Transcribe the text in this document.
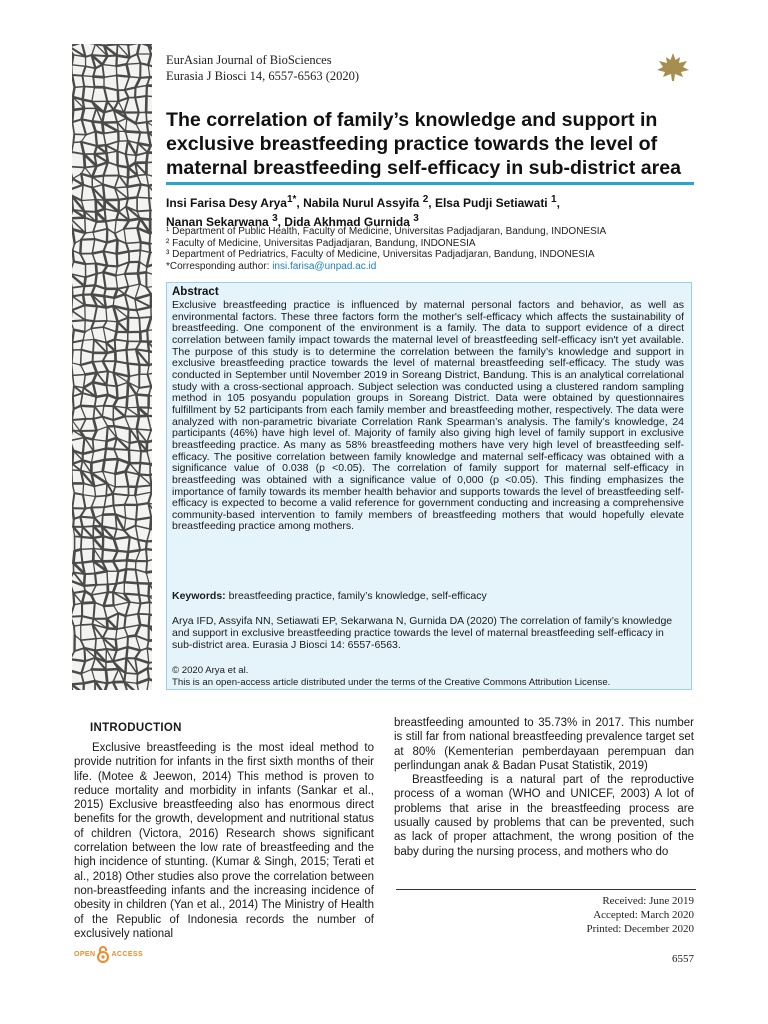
EurAsian Journal of BioSciences
Eurasia J Biosci 14, 6557-6563 (2020)
The correlation of family’s knowledge and support in exclusive breastfeeding practice towards the level of maternal breastfeeding self-efficacy in sub-district area
Insi Farisa Desy Arya$^{1*}$, Nabila Nurul Assyifa $^2$, Elsa Pudji Setiawati $^1$,
Nanan Sekarwana $^3$, Dida Akhmad Gurnida $^3$
¹ Department of Public Health, Faculty of Medicine, Universitas Padjadjaran, Bandung, INDONESIA
² Faculty of Medicine, Universitas Padjadjaran, Bandung, INDONESIA
³ Department of Pedriatrics, Faculty of Medicine, Universitas Padjadjaran, Bandung, INDONESIA
*Corresponding author: insi.farisa@unpad.ac.id
Abstract

Exclusive breastfeeding practice is influenced by maternal personal factors and behavior, as well as environmental factors. These three factors form the mother's self-efficacy which affects the sustainability of breastfeeding. One component of the environment is a family. The data to support evidence of a direct correlation between family impact towards the maternal level of breastfeeding self-efficacy isn't yet available. The purpose of this study is to determine the correlation between the family’s knowledge and support in exclusive breastfeeding practice towards the level of maternal breastfeeding self-efficacy. The study was conducted in September until November 2019 in Soreang District, Bandung. This is an analytical correlational study with a cross-sectional approach. Subject selection was conducted using a clustered random sampling method in 105 posyandu population groups in Soreang District. Data were obtained by questionnaires fulfillment by 52 participants from each family member and breastfeeding mother, respectively. The data were analyzed with non-parametric bivariate Correlation Rank Spearman’s analysis. The family’s knowledge, 24 participants (46%) have high level of. Majority of family also giving high level of family support in exclusive breastfeeding practice. As many as 58% breastfeeding mothers have very high level of breastfeeding self-efficacy. The positive correlation between family knowledge and maternal self-efficacy was obtained with a significance value of 0.038 (p <0.05). The correlation of family support for maternal self-efficacy in breastfeeding was obtained with a significance value of 0,000 (p <0.05). This finding emphasizes the importance of family towards its member health behavior and supports towards the level of breastfeeding self-efficacy is expected to become a valid reference for government conducting and increasing a comprehensive community-based intervention to family members of breastfeeding mothers that would hopefully elevate breastfeeding practice among mothers.

Keywords: breastfeeding practice, family’s knowledge, self-efficacy

Arya IFD, Assyifa NN, Setiawati EP, Sekarwana N, Gurnida DA (2020) The correlation of family’s knowledge and support in exclusive breastfeeding practice towards the level of maternal breastfeeding self-efficacy in sub-district area. Eurasia J Biosci 14: 6557-6563.

© 2020 Arya et al.
This is an open-access article distributed under the terms of the Creative Commons Attribution License.
INTRODUCTION

Exclusive breastfeeding is the most ideal method to provide nutrition for infants in the first sixth months of their life. (Motee & Jeewon, 2014) This method is proven to reduce mortality and morbidity in infants (Sankar et al., 2015) Exclusive breastfeeding also has enormous direct benefits for the growth, development and nutritional status of children (Victora, 2016) Research shows significant correlation between the low rate of breastfeeding and the high incidence of stunting. (Kumar & Singh, 2015; Terati et al., 2018) Other studies also prove the correlation between non-breastfeeding infants and the increasing incidence of obesity in children (Yan et al., 2014) The Ministry of Health of the Republic of Indonesia records the number of exclusively national

breastfeeding amounted to 35.73% in 2017. This number is still far from national breastfeeding prevalence target set at 80% (Kementerian pemberdayaan perempuan dan perlindungan anak & Badan Pusat Statistik, 2019)

Breastfeeding is a natural part of the reproductive process of a woman (WHO and UNICEF, 2003) A lot of problems that arise in the breastfeeding process are usually caused by problems that can be prevented, such as lack of proper attachment, the wrong position of the baby during the nursing process, and mothers who do

Received: June 2019
Accepted: March 2020
Printed: December 2020
OPEN ACCESS	6557
